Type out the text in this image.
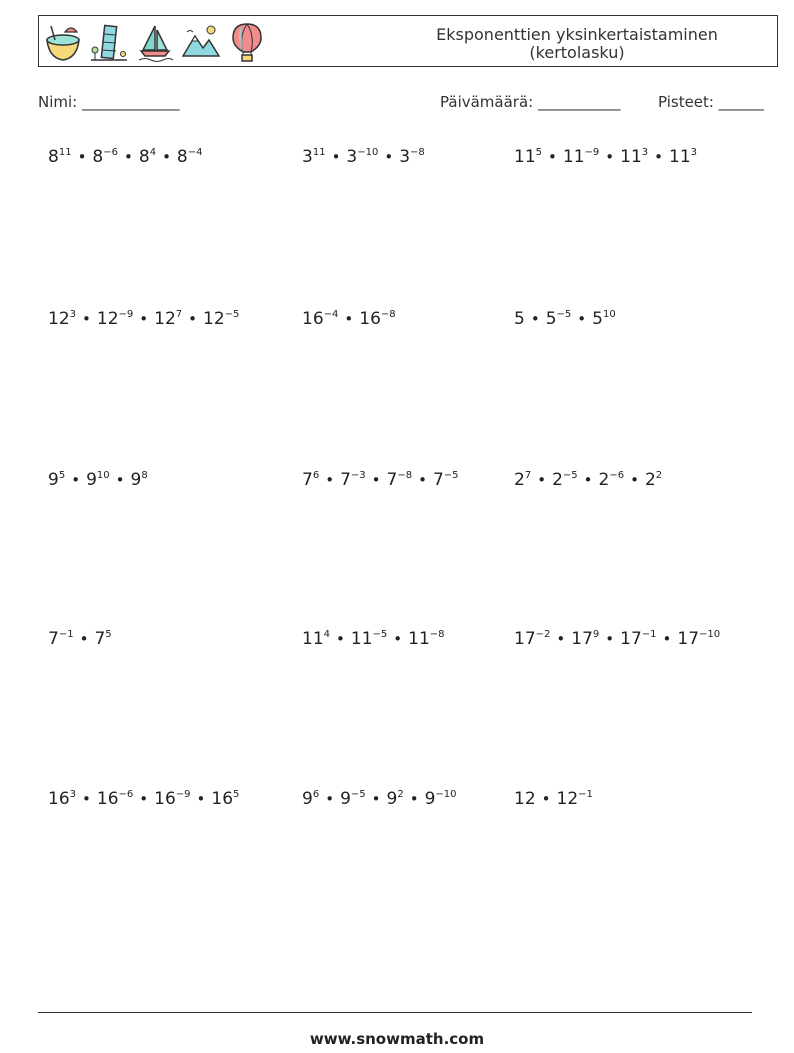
Eksponenttien yksinkertaistaminen
(kertolasku)
Nimi: _____________	Päivämäärä: ___________	Pisteet: ______
$8^{11}$ • $8^{-6}$ • $8^4$ • $8^{-4}$	$3^{11}$ • $3^{-10}$ • $3^{-8}$	$11^5$ • $11^{-9}$ • $11^3$ • $11^3$
$12^3$ • $12^{-9}$ • $12^7$ • $12^{-5}$	$16^{-4}$ • $16^{-8}$	5 • $5^{-5}$ • $5^{10}$
$9^5$ • $9^{10}$ • $9^8$	$7^6$ • $7^{-3}$ • $7^{-8}$ • $7^{-5}$	$2^7$ • $2^{-5}$ • $2^{-6}$ • $2^2$
$7^{-1}$ • $7^5$	$11^4$ • $11^{-5}$ • $11^{-8}$	$17^{-2}$ • $17^9$ • $17^{-1}$ • $17^{-10}$
$16^3$ • $16^{-6}$ • $16^{-9}$ • $16^5$	$9^6$ • $9^{-5}$ • $9^2$ • $9^{-10}$	12 • $12^{-1}$
www.snowmath.com
